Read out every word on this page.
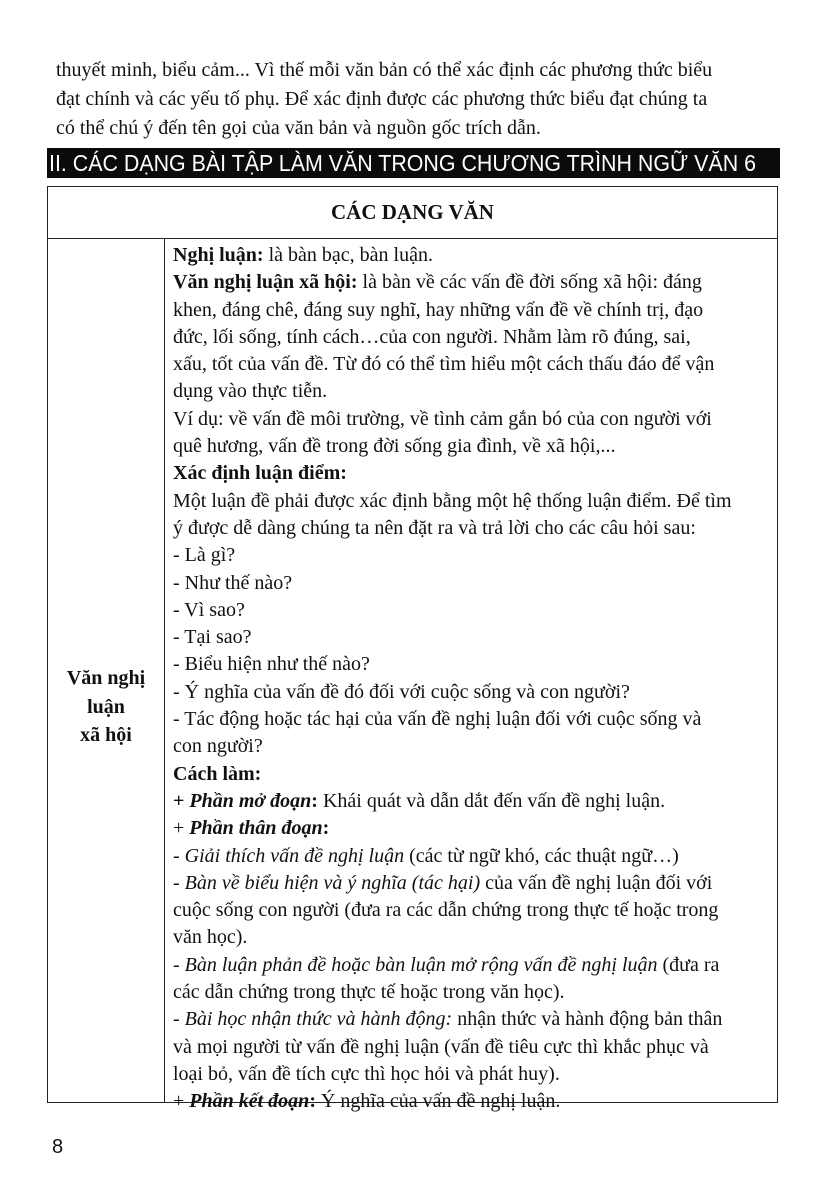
thuyết minh, biểu cảm... Vì thế mỗi văn bản có thể xác định các phương thức biểu
đạt chính và các yếu tố phụ. Để xác định được các phương thức biểu đạt chúng ta
có thể chú ý đến tên gọi của văn bản và nguồn gốc trích dẫn.
II. CÁC DẠNG BÀI TẬP LÀM VĂN TRONG CHƯƠNG TRÌNH NGỮ VĂN 6
CÁC DẠNG VĂN
Văn nghị
luận
xã hội
Nghị luận: là bàn bạc, bàn luận.
Văn nghị luận xã hội: là bàn về các vấn đề đời sống xã hội: đáng
khen, đáng chê, đáng suy nghĩ, hay những vấn đề về chính trị, đạo
đức, lối sống, tính cách…của con người. Nhằm làm rõ đúng, sai,
xấu, tốt của vấn đề. Từ đó có thể tìm hiểu một cách thấu đáo để vận
dụng vào thực tiễn.
Ví dụ: về vấn đề môi trường, về tình cảm gắn bó của con người với
quê hương, vấn đề trong đời sống gia đình, về xã hội,...
Xác định luận điểm:
Một luận đề phải được xác định bằng một hệ thống luận điểm. Để tìm
ý được dễ dàng chúng ta nên đặt ra và trả lời cho các câu hỏi sau:
- Là gì?
- Như thế nào?
- Vì sao?
- Tại sao?
- Biểu hiện như thế nào?
- Ý nghĩa của vấn đề đó đối với cuộc sống và con người?
- Tác động hoặc tác hại của vấn đề nghị luận đối với cuộc sống và
con người?
Cách làm:
+ Phần mở đoạn: Khái quát và dẫn dắt đến vấn đề nghị luận.
+ Phần thân đoạn:
- Giải thích vấn đề nghị luận (các từ ngữ khó, các thuật ngữ…)
- Bàn về biểu hiện và ý nghĩa (tác hại) của vấn đề nghị luận đối với
cuộc sống con người (đưa ra các dẫn chứng trong thực tế hoặc trong
văn học).
- Bàn luận phản đề hoặc bàn luận mở rộng vấn đề nghị luận (đưa ra
các dẫn chứng trong thực tế hoặc trong văn học).
- Bài học nhận thức và hành động: nhận thức và hành động bản thân
và mọi người từ vấn đề nghị luận (vấn đề tiêu cực thì khắc phục và
loại bỏ, vấn đề tích cực thì học hỏi và phát huy).
+ Phần kết đoạn: Ý nghĩa của vấn đề nghị luận.
8
